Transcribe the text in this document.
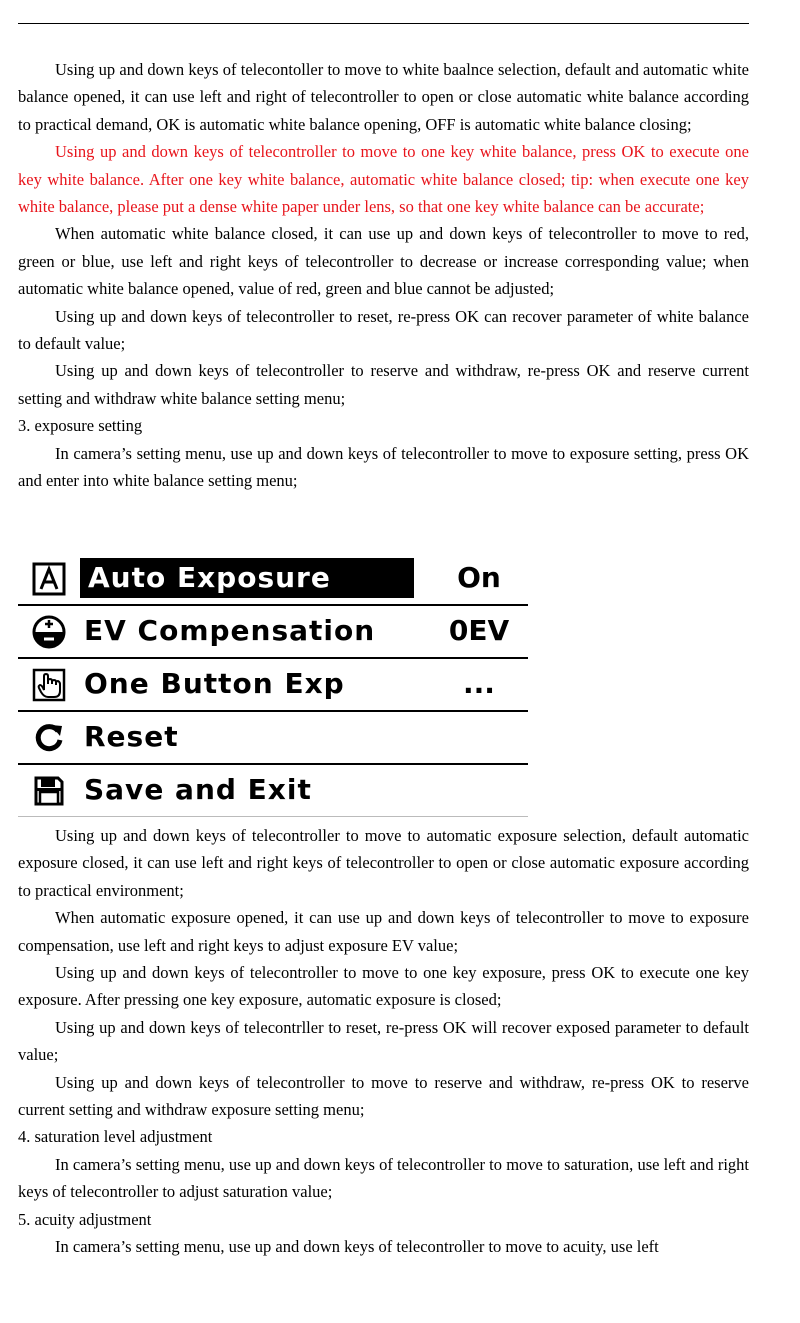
Using up and down keys of telecontoller to move to white baalnce selection, default and automatic white balance opened, it can use left and right of telecontroller to open or close automatic white balance according to practical demand, OK is automatic white balance opening, OFF is automatic white balance closing;

Using up and down keys of telecontroller to move to one key white balance, press OK to execute one key white balance. After one key white balance, automatic white balance closed; tip: when execute one key white balance, please put a dense white paper under lens, so that one key white balance can be accurate;

When automatic white balance closed, it can use up and down keys of telecontroller to move to red, green or blue, use left and right keys of telecontroller to decrease or increase corresponding value; when automatic white balance opened, value of red, green and blue cannot be adjusted;

Using up and down keys of telecontroller to reset, re-press OK can recover parameter of white balance to default value;

Using up and down keys of telecontroller to reserve and withdraw, re-press OK and reserve current setting and withdraw white balance setting menu;

3. exposure setting

In camera’s setting menu, use up and down keys of telecontroller to move to exposure setting, press OK and enter into white balance setting menu;

Auto Exposure	On
EV Compensation	0EV
One Button Exp	...
Reset
Save and Exit

Using up and down keys of telecontroller to move to automatic exposure selection, default automatic exposure closed, it can use left and right keys of telecontroller to open or close automatic exposure according to practical environment;

When automatic exposure opened, it can use up and down keys of telecontroller to move to exposure compensation, use left and right keys to adjust exposure EV value;

Using up and down keys of telecontroller to move to one key exposure, press OK to execute one key exposure. After pressing one key exposure, automatic exposure is closed;

Using up and down keys of telecontrller to reset, re-press OK will recover exposed parameter to default value;

Using up and down keys of telecontroller to move to reserve and withdraw, re-press OK to reserve current setting and withdraw exposure setting menu;

4. saturation level adjustment

In camera’s setting menu, use up and down keys of telecontroller to move to saturation, use left and right keys of telecontroller to adjust saturation value;

5. acuity adjustment

In camera’s setting menu, use up and down keys of telecontroller to move to acuity, use left
